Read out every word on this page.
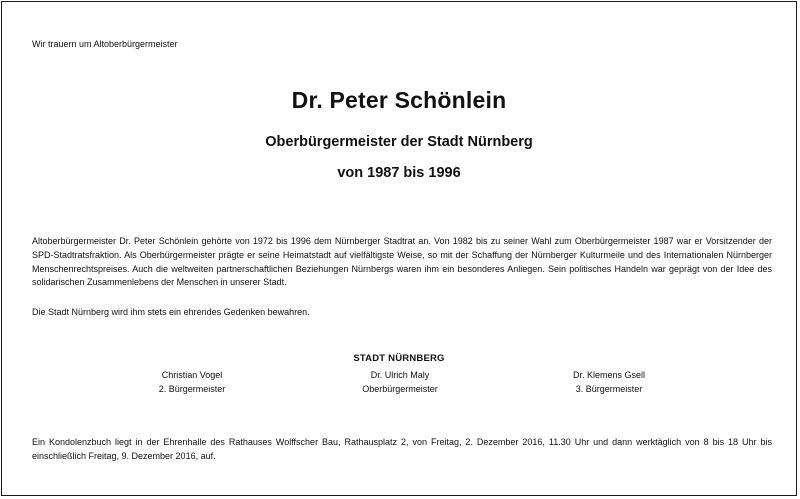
Wir trauern um Altoberbürgermeister
Dr. Peter Schönlein
Oberbürgermeister der Stadt Nürnberg
von 1987 bis 1996
Altoberbürgermeister Dr. Peter Schönlein gehörte von 1972 bis 1996 dem Nürnberger Stadtrat an. Von 1982 bis zu seiner Wahl zum Oberbürgermeister 1987 war er Vorsitzender der SPD-Stadtratsfraktion. Als Oberbürgermeister prägte er seine Heimatstadt auf vielfältigste Weise, so mit der Schaffung der Nürnberger Kulturmeile und des Internationalen Nürnberger Menschenrechtspreises. Auch die weltweiten partnerschaftlichen Beziehungen Nürnbergs waren ihm ein besonderes Anliegen. Sein politisches Handeln war geprägt von der Idee des solidarischen Zusammenlebens der Menschen in unserer Stadt.
Die Stadt Nürnberg wird ihm stets ein ehrendes Gedenken bewahren.
STADT NÜRNBERG
Christian Vogel
2. Bürgermeister
Dr. Ulrich Maly
Oberbürgermeister
Dr. Klemens Gsell
3. Bürgermeister
Ein Kondolenzbuch liegt in der Ehrenhalle des Rathauses Wolffscher Bau, Rathausplatz 2, von Freitag, 2. Dezember 2016, 11.30 Uhr und dann werktäglich von 8 bis 18 Uhr bis einschließlich Freitag, 9. Dezember 2016, auf.
